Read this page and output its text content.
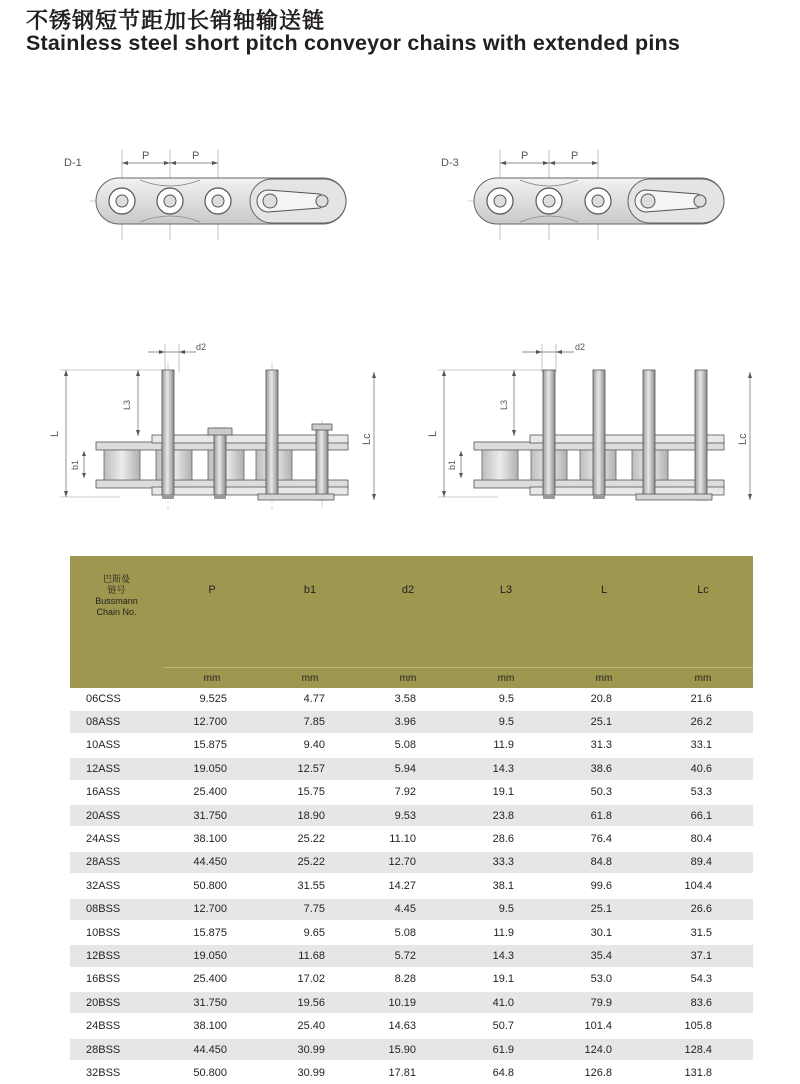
不锈钢短节距加长销轴输送链
Stainless steel short pitch conveyor chains with extended pins
D-1
P	P
D-3
P	P
d2
L
L3
b1
Lc
d2
L
L3
b1
Lc
巴斯曼
链号
Bussmann
Chain No.	P	b1	d2	L3	L	Lc
	mm	mm	mm	mm	mm	mm
06CSS	9.525	4.77	3.58	9.5	20.8	21.6
08ASS	12.700	7.85	3.96	9.5	25.1	26.2
10ASS	15.875	9.40	5.08	11.9	31.3	33.1
12ASS	19.050	12.57	5.94	14.3	38.6	40.6
16ASS	25.400	15.75	7.92	19.1	50.3	53.3
20ASS	31.750	18.90	9.53	23.8	61.8	66.1
24ASS	38.100	25.22	11.10	28.6	76.4	80.4
28ASS	44.450	25.22	12.70	33.3	84.8	89.4
32ASS	50.800	31.55	14.27	38.1	99.6	104.4
08BSS	12.700	7.75	4.45	9.5	25.1	26.6
10BSS	15.875	9.65	5.08	11.9	30.1	31.5
12BSS	19.050	11.68	5.72	14.3	35.4	37.1
16BSS	25.400	17.02	8.28	19.1	53.0	54.3
20BSS	31.750	19.56	10.19	41.0	79.9	83.6
24BSS	38.100	25.40	14.63	50.7	101.4	105.8
28BSS	44.450	30.99	15.90	61.9	124.0	128.4
32BSS	50.800	30.99	17.81	64.8	126.8	131.8
